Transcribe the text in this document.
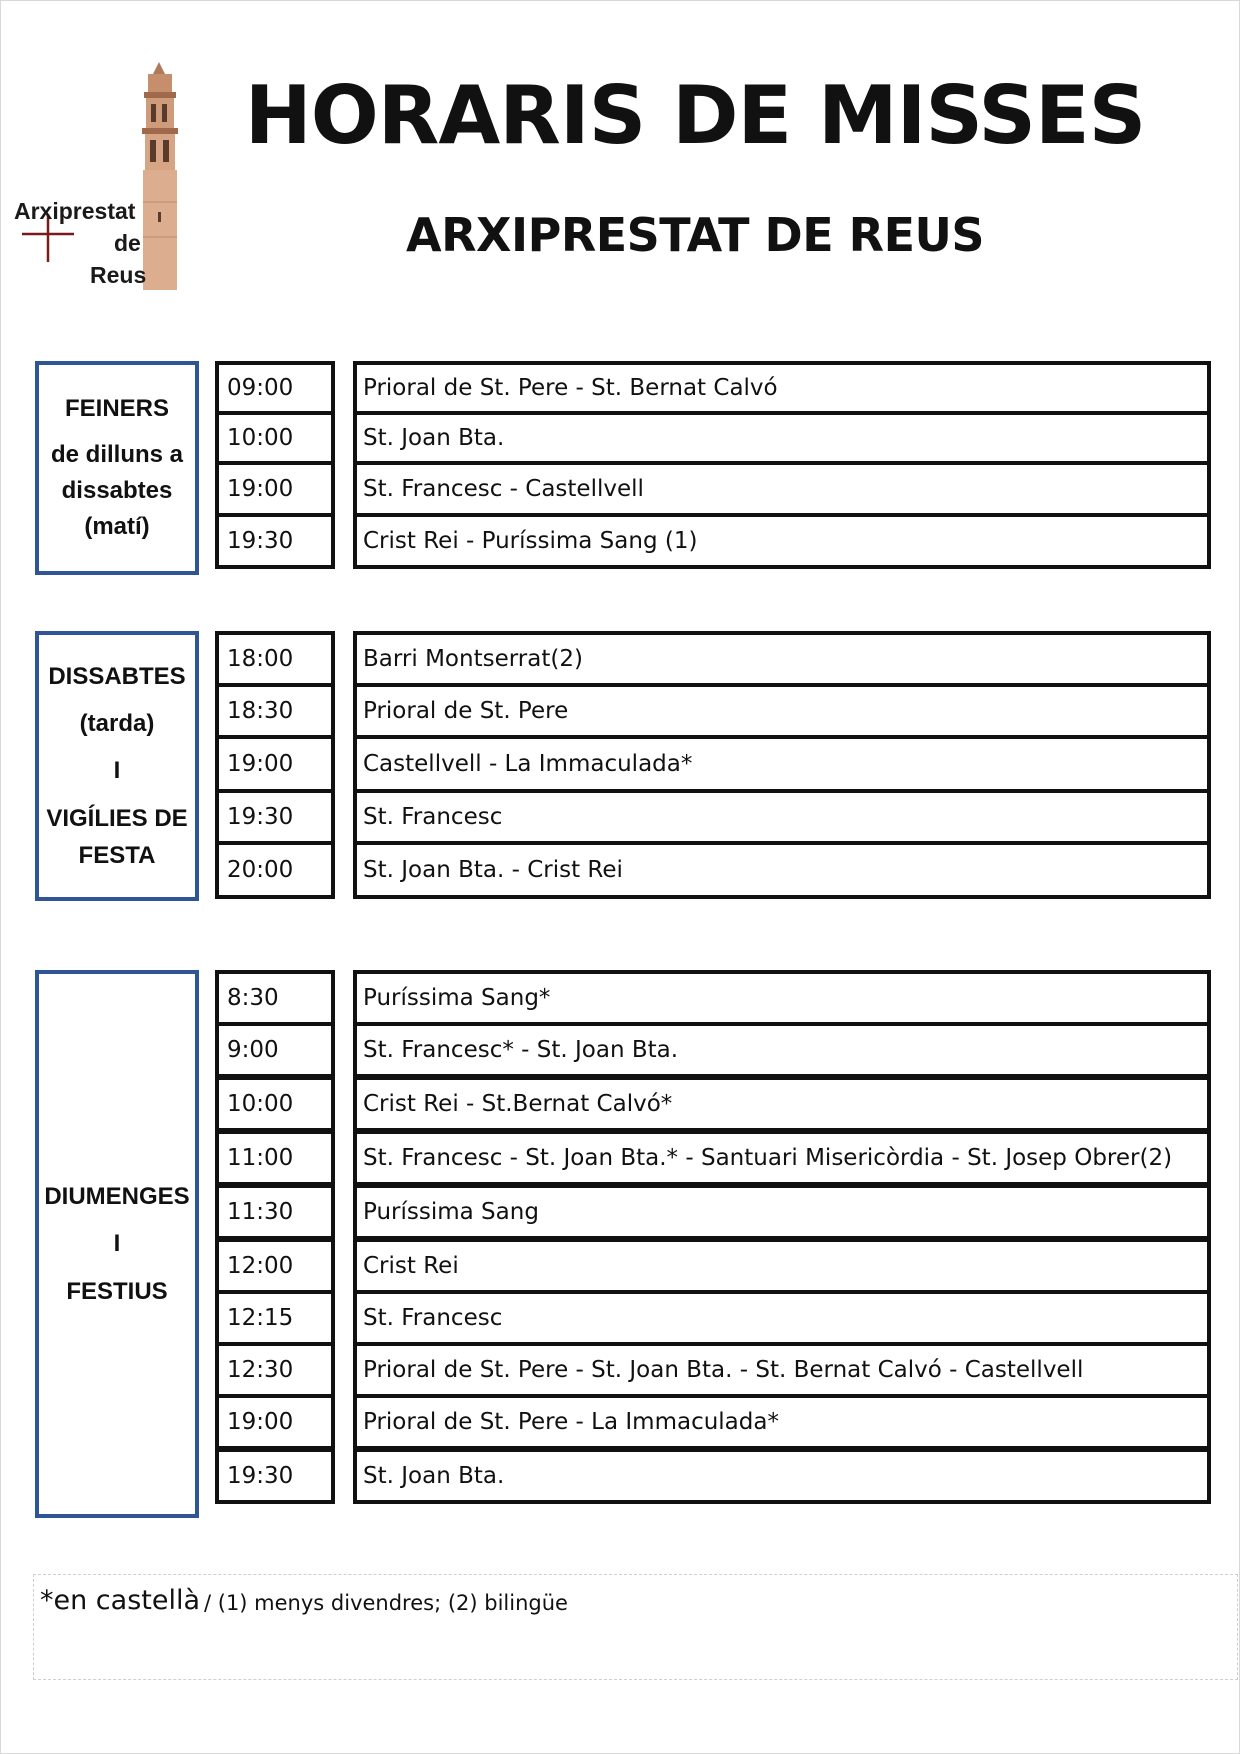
Arxiprestat
de
Reus
HORARIS DE MISSES
ARXIPRESTAT DE REUS
FEINERS
de dilluns a
dissabtes
(matí)
09:00
10:00
19:00
19:30
Prioral de St. Pere - St. Bernat Calvó
St. Joan Bta.
St. Francesc - Castellvell
Crist Rei - Puríssima Sang (1)
DISSABTES
(tarda)
I
VIGÍLIES DE
FESTA
18:00
18:30
19:00
19:30
20:00
Barri Montserrat(2)
Prioral de St. Pere
Castellvell - La Immaculada*
St. Francesc
St. Joan Bta. - Crist Rei
DIUMENGES
I
FESTIUS
8:30
9:00
10:00
11:00
11:30
12:00
12:15
12:30
19:00
19:30
Puríssima Sang*
St. Francesc* - St. Joan Bta.
Crist Rei - St.Bernat Calvó*
St. Francesc - St. Joan Bta.* - Santuari Misericòrdia - St. Josep Obrer(2)
Puríssima Sang
Crist Rei
St. Francesc
Prioral de St. Pere - St. Joan Bta. - St. Bernat Calvó - Castellvell
Prioral de St. Pere - La Immaculada*
St. Joan Bta.
*en castellà / (1) menys divendres; (2) bilingüe
